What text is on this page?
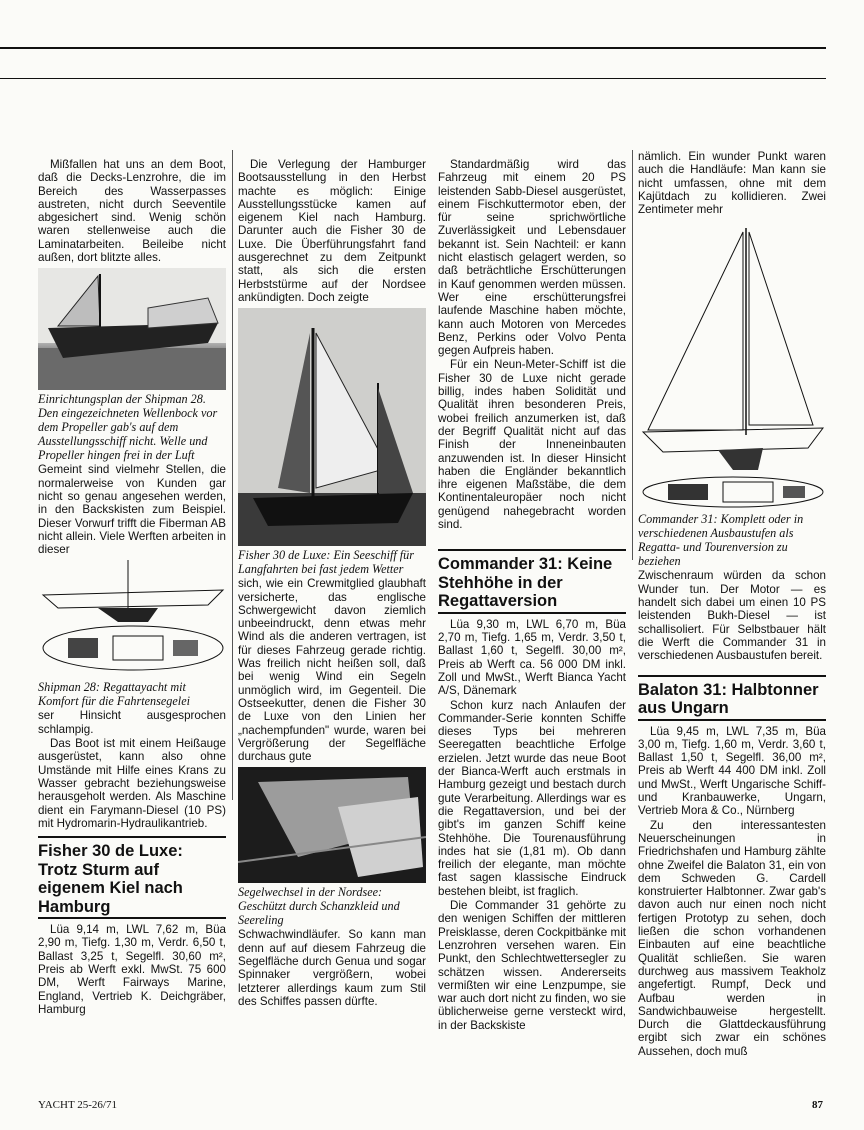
Mißfallen hat uns an dem Boot, daß die Decks-Lenzrohre, die im Bereich des Wasserpasses austreten, nicht durch Seeventile abgesichert sind. Wenig schön waren stellenweise auch die Laminatarbeiten. Beileibe nicht außen, dort blitzte alles.

Einrichtungsplan der Shipman 28. Den eingezeichneten Wellenbock vor dem Propeller gab's auf dem Ausstellungsschiff nicht. Welle und Propeller hingen frei in der Luft

Gemeint sind vielmehr Stellen, die normalerweise von Kunden gar nicht so genau angesehen werden, in den Backskisten zum Beispiel. Dieser Vorwurf trifft die Fiberman AB nicht allein. Viele Werften arbeiten in dieser

Shipman 28: Regattayacht mit Komfort für die Fahrtensegelei

ser Hinsicht ausgesprochen schlampig.

Das Boot ist mit einem Heißauge ausgerüstet, kann also ohne Umstände mit Hilfe eines Krans zu Wasser gebracht beziehungsweise herausgeholt werden. Als Maschine dient ein Farymann-Diesel (10 PS) mit Hydromarin-Hydraulikantrieb.

Fisher 30 de Luxe: Trotz Sturm auf eigenem Kiel nach Hamburg

Lüa 9,14 m, LWL 7,62 m, Büa 2,90 m, Tiefg. 1,30 m, Verdr. 6,50 t, Ballast 3,25 t, Segelfl. 30,60 m², Preis ab Werft exkl. MwSt. 75 600 DM, Werft Fairways Marine, England, Vertrieb K. Deichgräber, Hamburg

Die Verlegung der Hamburger Bootsausstellung in den Herbst machte es möglich: Einige Ausstellungsstücke kamen auf eigenem Kiel nach Hamburg. Darunter auch die Fisher 30 de Luxe. Die Überführungsfahrt fand ausgerechnet zu dem Zeitpunkt statt, als sich die ersten Herbststürme auf der Nordsee ankündigten. Doch zeigte

Fisher 30 de Luxe: Ein Seeschiff für Langfahrten bei fast jedem Wetter

sich, wie ein Crewmitglied glaubhaft versicherte, das englische Schwergewicht davon ziemlich unbeeindruckt, denn etwas mehr Wind als die anderen vertragen, ist für dieses Fahrzeug gerade richtig. Was freilich nicht heißen soll, daß bei wenig Wind ein Segeln unmöglich wird, im Gegenteil. Die Ostseekutter, denen die Fisher 30 de Luxe von den Linien her „nachempfunden" wurde, waren bei Vergrößerung der Segelfläche durchaus gute

Segelwechsel in der Nordsee: Geschützt durch Schanzkleid und Seereling

Schwachwindläufer. So kann man denn auf auf diesem Fahrzeug die Segelfläche durch Genua und sogar Spinnaker vergrößern, wobei letzterer allerdings kaum zum Stil des Schiffes passen dürfte.

Standardmäßig wird das Fahrzeug mit einem 20 PS leistenden Sabb-Diesel ausgerüstet, einem Fischkuttermotor eben, der für seine sprichwörtliche Zuverlässigkeit und Lebensdauer bekannt ist. Sein Nachteil: er kann nicht elastisch gelagert werden, so daß beträchtliche Erschütterungen in Kauf genommen werden müssen. Wer eine erschütterungsfrei laufende Maschine haben möchte, kann auch Motoren von Mercedes Benz, Perkins oder Volvo Penta gegen Aufpreis haben.

Für ein Neun-Meter-Schiff ist die Fisher 30 de Luxe nicht gerade billig, indes haben Solidität und Qualität ihren besonderen Preis, wobei freilich anzumerken ist, daß der Begriff Qualität nicht auf das Finish der Inneneinbauten anzuwenden ist. In dieser Hinsicht haben die Engländer bekanntlich ihre eigenen Maßstäbe, die dem Kontinentaleuropäer noch nicht genügend nahegebracht worden sind.

Commander 31: Keine Stehhöhe in der Regattaversion

Lüa 9,30 m, LWL 6,70 m, Büa 2,70 m, Tiefg. 1,65 m, Verdr. 3,50 t, Ballast 1,60 t, Segelfl. 30,00 m², Preis ab Werft ca. 56 000 DM inkl. Zoll und MwSt., Werft Bianca Yacht A/S, Dänemark

Schon kurz nach Anlaufen der Commander-Serie konnten Schiffe dieses Typs bei mehreren Seeregatten beachtliche Erfolge erzielen. Jetzt wurde das neue Boot der Bianca-Werft auch erstmals in Hamburg gezeigt und bestach durch gute Verarbeitung. Allerdings war es die Regattaversion, und bei der gibt's im ganzen Schiff keine Stehhöhe. Die Tourenausführung indes hat sie (1,81 m). Ob dann freilich der elegante, man möchte fast sagen klassische Eindruck bestehen bleibt, ist fraglich.

Die Commander 31 gehörte zu den wenigen Schiffen der mittleren Preisklasse, deren Cockpitbänke mit Lenzrohren versehen waren. Ein Punkt, den Schlechtwettersegler zu schätzen wissen. Andererseits vermißten wir eine Lenzpumpe, sie war auch dort nicht zu finden, wo sie üblicherweise gerne versteckt wird, in der Backskiste

nämlich. Ein wunder Punkt waren auch die Handläufe: Man kann sie nicht umfassen, ohne mit dem Kajütdach zu kollidieren. Zwei Zentimeter mehr

Commander 31: Komplett oder in verschiedenen Ausbaustufen als Regatta- und Tourenversion zu beziehen

Zwischenraum würden da schon Wunder tun. Der Motor — es handelt sich dabei um einen 10 PS leistenden Bukh-Diesel — ist schallisoliert. Für Selbstbauer hält die Werft die Commander 31 in verschiedenen Ausbaustufen bereit.

Balaton 31: Halbtonner aus Ungarn

Lüa 9,45 m, LWL 7,35 m, Büa 3,00 m, Tiefg. 1,60 m, Verdr. 3,60 t, Ballast 1,50 t, Segelfl. 36,00 m², Preis ab Werft 44 400 DM inkl. Zoll und MwSt., Werft Ungarische Schiff- und Kranbauwerke, Ungarn, Vertrieb Mora & Co., Nürnberg

Zu den interessantesten Neuerscheinungen in Friedrichshafen und Hamburg zählte ohne Zweifel die Balaton 31, ein von dem Schweden G. Cardell konstruierter Halbtonner. Zwar gab's davon auch nur einen noch nicht fertigen Prototyp zu sehen, doch ließen die schon vorhandenen Einbauten auf eine beachtliche Qualität schließen. Sie waren durchweg aus massivem Teakholz angefertigt. Rumpf, Deck und Aufbau werden in Sandwichbauweise hergestellt. Durch die Glattdeckausführung ergibt sich zwar ein schönes Aussehen, doch muß

YACHT 25-26/71	87
